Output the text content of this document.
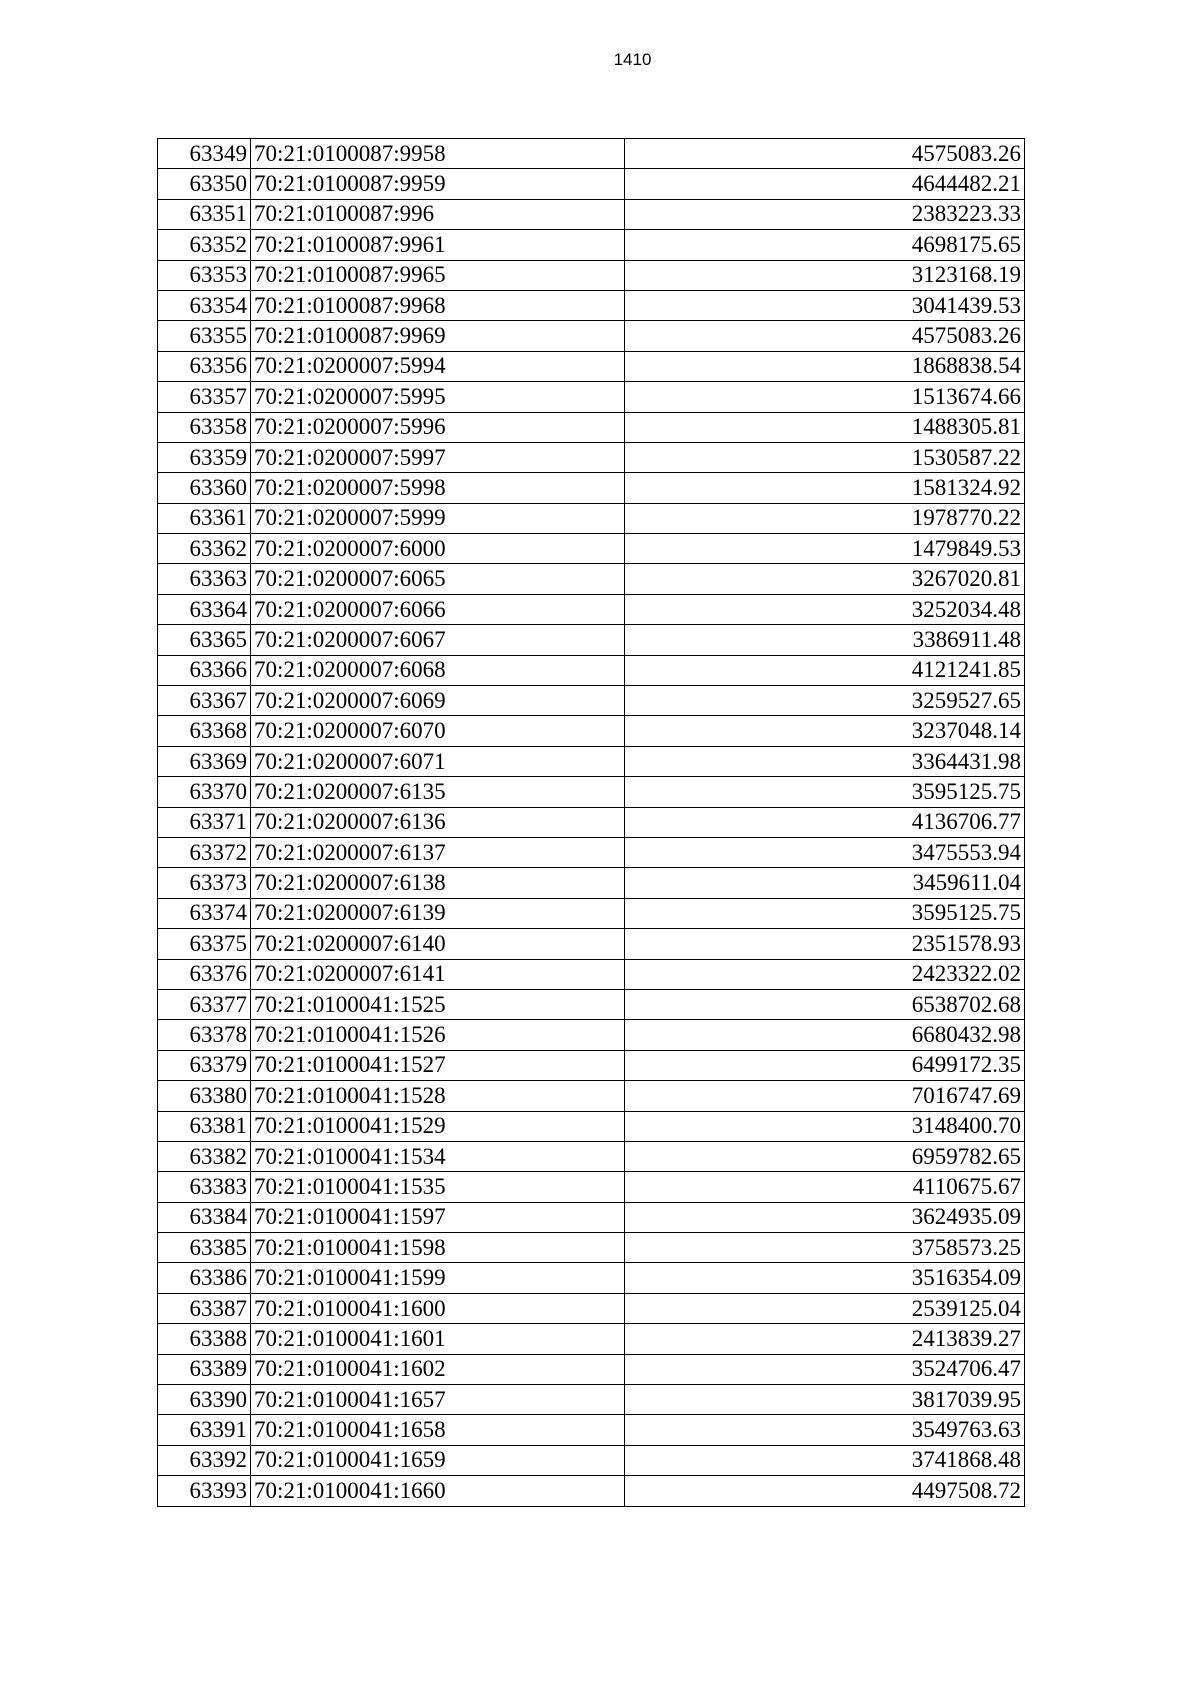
1410
63349	70:21:0100087:9958	4575083.26
63350	70:21:0100087:9959	4644482.21
63351	70:21:0100087:996	2383223.33
63352	70:21:0100087:9961	4698175.65
63353	70:21:0100087:9965	3123168.19
63354	70:21:0100087:9968	3041439.53
63355	70:21:0100087:9969	4575083.26
63356	70:21:0200007:5994	1868838.54
63357	70:21:0200007:5995	1513674.66
63358	70:21:0200007:5996	1488305.81
63359	70:21:0200007:5997	1530587.22
63360	70:21:0200007:5998	1581324.92
63361	70:21:0200007:5999	1978770.22
63362	70:21:0200007:6000	1479849.53
63363	70:21:0200007:6065	3267020.81
63364	70:21:0200007:6066	3252034.48
63365	70:21:0200007:6067	3386911.48
63366	70:21:0200007:6068	4121241.85
63367	70:21:0200007:6069	3259527.65
63368	70:21:0200007:6070	3237048.14
63369	70:21:0200007:6071	3364431.98
63370	70:21:0200007:6135	3595125.75
63371	70:21:0200007:6136	4136706.77
63372	70:21:0200007:6137	3475553.94
63373	70:21:0200007:6138	3459611.04
63374	70:21:0200007:6139	3595125.75
63375	70:21:0200007:6140	2351578.93
63376	70:21:0200007:6141	2423322.02
63377	70:21:0100041:1525	6538702.68
63378	70:21:0100041:1526	6680432.98
63379	70:21:0100041:1527	6499172.35
63380	70:21:0100041:1528	7016747.69
63381	70:21:0100041:1529	3148400.70
63382	70:21:0100041:1534	6959782.65
63383	70:21:0100041:1535	4110675.67
63384	70:21:0100041:1597	3624935.09
63385	70:21:0100041:1598	3758573.25
63386	70:21:0100041:1599	3516354.09
63387	70:21:0100041:1600	2539125.04
63388	70:21:0100041:1601	2413839.27
63389	70:21:0100041:1602	3524706.47
63390	70:21:0100041:1657	3817039.95
63391	70:21:0100041:1658	3549763.63
63392	70:21:0100041:1659	3741868.48
63393	70:21:0100041:1660	4497508.72
